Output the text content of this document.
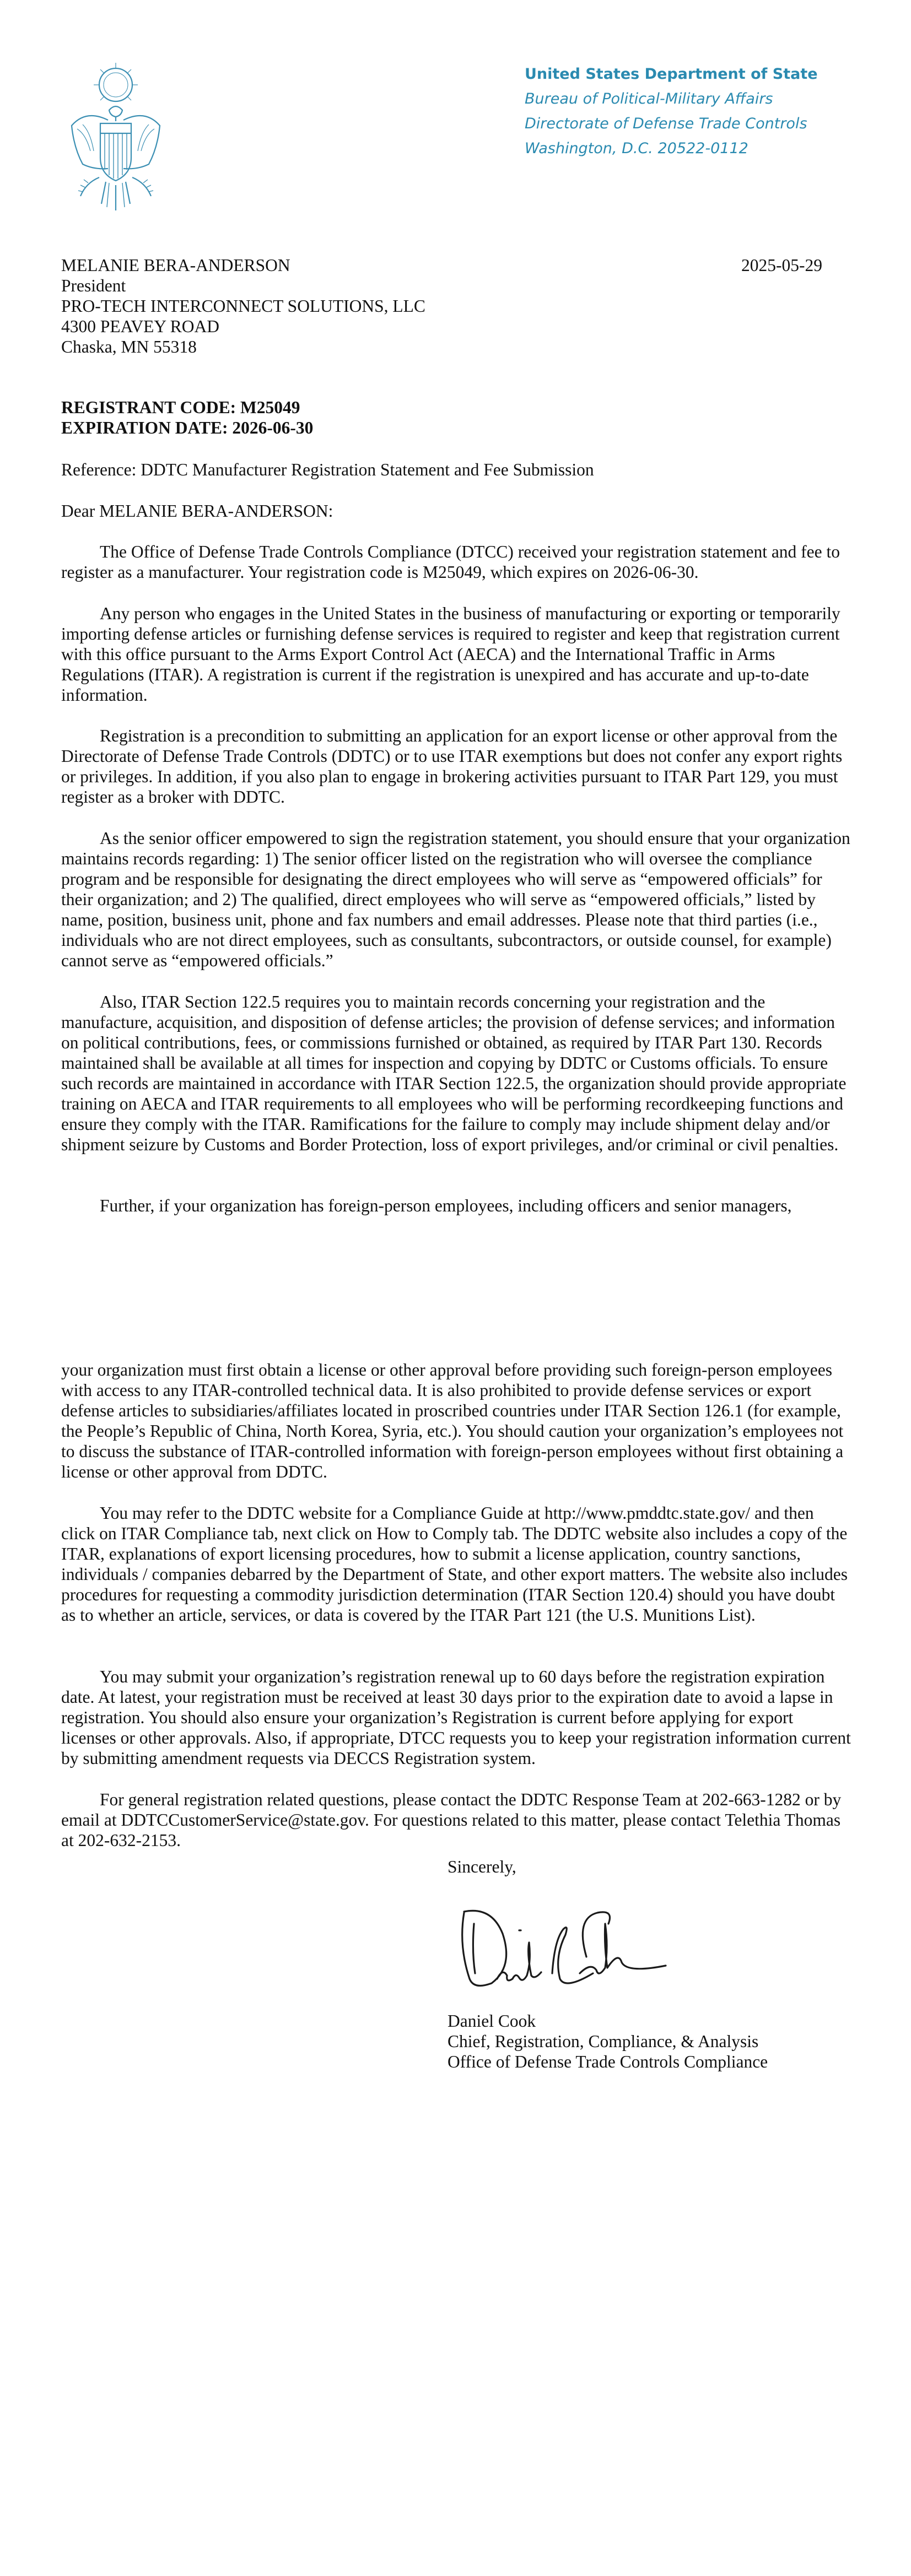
United States Department of State
Bureau of Political-Military Affairs
Directorate of Defense Trade Controls
Washington, D.C. 20522-0112
MELANIE BERA-ANDERSON
President
PRO-TECH INTERCONNECT SOLUTIONS, LLC
4300 PEAVEY ROAD
Chaska, MN 55318
2025-05-29
REGISTRANT CODE: M25049
EXPIRATION DATE: 2026-06-30
Reference: DDTC Manufacturer Registration Statement and Fee Submission
Dear MELANIE BERA-ANDERSON:

The Office of Defense Trade Controls Compliance (DTCC) received your registration statement and fee to register as a manufacturer. Your registration code is M25049, which expires on 2026-06-30.

Any person who engages in the United States in the business of manufacturing or exporting or temporarily importing defense articles or furnishing defense services is required to register and keep that registration current with this office pursuant to the Arms Export Control Act (AECA) and the International Traffic in Arms Regulations (ITAR). A registration is current if the registration is unexpired and has accurate and up-to-date information.

Registration is a precondition to submitting an application for an export license or other approval from the Directorate of Defense Trade Controls (DDTC) or to use ITAR exemptions but does not confer any export rights or privileges. In addition, if you also plan to engage in brokering activities pursuant to ITAR Part 129, you must register as a broker with DDTC.

As the senior officer empowered to sign the registration statement, you should ensure that your organization maintains records regarding: 1) The senior officer listed on the registration who will oversee the compliance program and be responsible for designating the direct employees who will serve as “empowered officials” for their organization; and 2) The qualified, direct employees who will serve as “empowered officials,” listed by name, position, business unit, phone and fax numbers and email addresses. Please note that third parties (i.e., individuals who are not direct employees, such as consultants, subcontractors, or outside counsel, for example) cannot serve as “empowered officials.”

Also, ITAR Section 122.5 requires you to maintain records concerning your registration and the manufacture, acquisition, and disposition of defense articles; the provision of defense services; and information on political contributions, fees, or commissions furnished or obtained, as required by ITAR Part 130. Records maintained shall be available at all times for inspection and copying by DDTC or Customs officials. To ensure such records are maintained in accordance with ITAR Section 122.5, the organization should provide appropriate training on AECA and ITAR requirements to all employees who will be performing recordkeeping functions and ensure they comply with the ITAR. Ramifications for the failure to comply may include shipment delay and/or shipment seizure by Customs and Border Protection, loss of export privileges, and/or criminal or civil penalties.

Further, if your organization has foreign-person employees, including officers and senior managers,

your organization must first obtain a license or other approval before providing such foreign-person employees with access to any ITAR-controlled technical data. It is also prohibited to provide defense services or export defense articles to subsidiaries/affiliates located in proscribed countries under ITAR Section 126.1 (for example, the People’s Republic of China, North Korea, Syria, etc.). You should caution your organization’s employees not to discuss the substance of ITAR-controlled information with foreign-person employees without first obtaining a license or other approval from DDTC.

You may refer to the DDTC website for a Compliance Guide at http://www.pmddtc.state.gov/ and then click on ITAR Compliance tab, next click on How to Comply tab. The DDTC website also includes a copy of the ITAR, explanations of export licensing procedures, how to submit a license application, country sanctions, individuals / companies debarred by the Department of State, and other export matters. The website also includes procedures for requesting a commodity jurisdiction determination (ITAR Section 120.4) should you have doubt as to whether an article, services, or data is covered by the ITAR Part 121 (the U.S. Munitions List).

You may submit your organization’s registration renewal up to 60 days before the registration expiration date. At latest, your registration must be received at least 30 days prior to the expiration date to avoid a lapse in registration. You should also ensure your organization’s Registration is current before applying for export licenses or other approvals. Also, if appropriate, DTCC requests you to keep your registration information current by submitting amendment requests via DECCS Registration system.

For general registration related questions, please contact the DDTC Response Team at 202-663-1282 or by email at DDTCCustomerService@state.gov. For questions related to this matter, please contact Telethia Thomas at 202-632-2153.

Sincerely,
Daniel Cook
Chief, Registration, Compliance, & Analysis
Office of Defense Trade Controls Compliance
